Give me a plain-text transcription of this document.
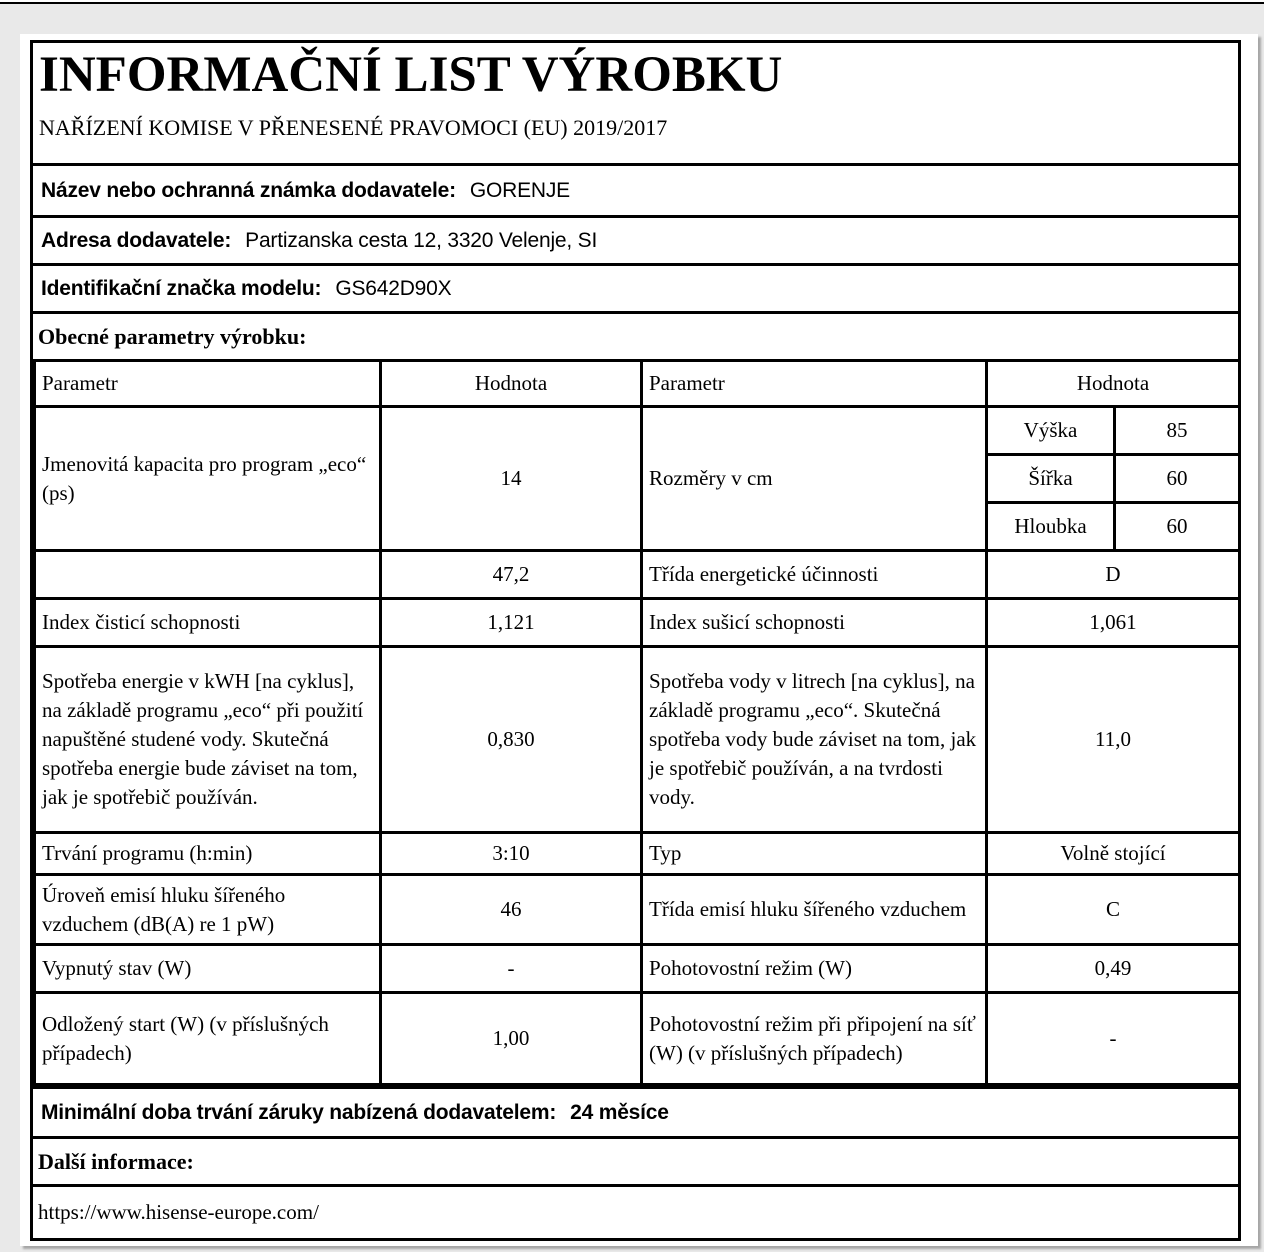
INFORMAČNÍ LIST VÝROBKU
NAŘÍZENÍ KOMISE V PŘENESENÉ PRAVOMOCI (EU) 2019/2017
Název nebo ochranná známka dodavatele: GORENJE
Adresa dodavatele: Partizanska cesta 12, 3320 Velenje, SI
Identifikační značka modelu: GS642D90X
Obecné parametry výrobku:
Parametr	Hodnota	Parametr	Hodnota	
Jmenovitá kapacita pro program „eco“ (ps)	14	Rozměry v cm	Výška	85
			Šířka	60
			Hloubka	60
	47,2	Třída energetické účinnosti	D	
Index čisticí schopnosti	1,121	Index sušicí schopnosti	1,061	
Spotřeba energie v kWH [na cyklus], na základě programu „eco“ při použití napuštěné studené vody. Skutečná spotřeba energie bude záviset na tom, jak je spotřebič používán.	0,830	Spotřeba vody v litrech [na cyklus], na základě programu „eco“. Skutečná spotřeba vody bude záviset na tom, jak je spotřebič používán, a na tvrdosti vody.	11,0	
Trvání programu (h:min)	3:10	Typ	Volně stojící	
Úroveň emisí hluku šířeného vzduchem (dB(A) re 1 pW)	46	Třída emisí hluku šířeného vzduchem	C	
Vypnutý stav (W)	-	Pohotovostní režim (W)	0,49	
Odložený start (W) (v příslušných případech)	1,00	Pohotovostní režim při připojení na síť (W) (v příslušných případech)	-	
Minimální doba trvání záruky nabízená dodavatelem: 24 měsíce
Další informace:
https://www.hisense-europe.com/
